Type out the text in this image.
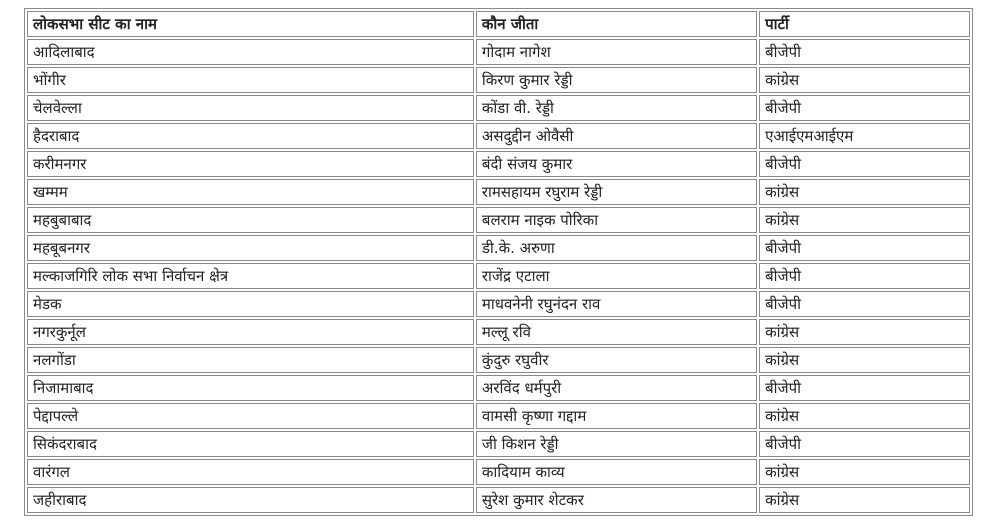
लोकसभा सीट का नाम	कौन जीता	पार्टी
आदिलाबाद	गोदाम नागेश	बीजेपी
भोंगीर	किरण कुमार रेड्डी	कांग्रेस
चेलवेल्ला	कोंडा वी. रेड्डी	बीजेपी
हैदराबाद	असदुद्दीन ओवैसी	एआईएमआईएम
करीमनगर	बंदी संजय कुमार	बीजेपी
खम्मम	रामसहायम रघुराम रेड्डी	कांग्रेस
महबुबाबाद	बलराम नाइक पोरिका	कांग्रेस
महबूबनगर	डी.के. अरुणा	बीजेपी
मल्काजगिरि लोक सभा निर्वाचन क्षेत्र	राजेंद्र एटाला	बीजेपी
मेडक	माधवनेनी रघुनंदन राव	बीजेपी
नगरकुर्नूल	मल्लू रवि	कांग्रेस
नलगोंडा	कुंदुरु रघुवीर	कांग्रेस
निजामाबाद	अरविंद धर्मपुरी	बीजेपी
पेद्दापल्ले	वामसी कृष्णा गद्दाम	कांग्रेस
सिकंदराबाद	जी किशन रेड्डी	बीजेपी
वारंगल	कादियाम काव्य	कांग्रेस
जहीराबाद	सुरेश कुमार शेटकर	कांग्रेस
